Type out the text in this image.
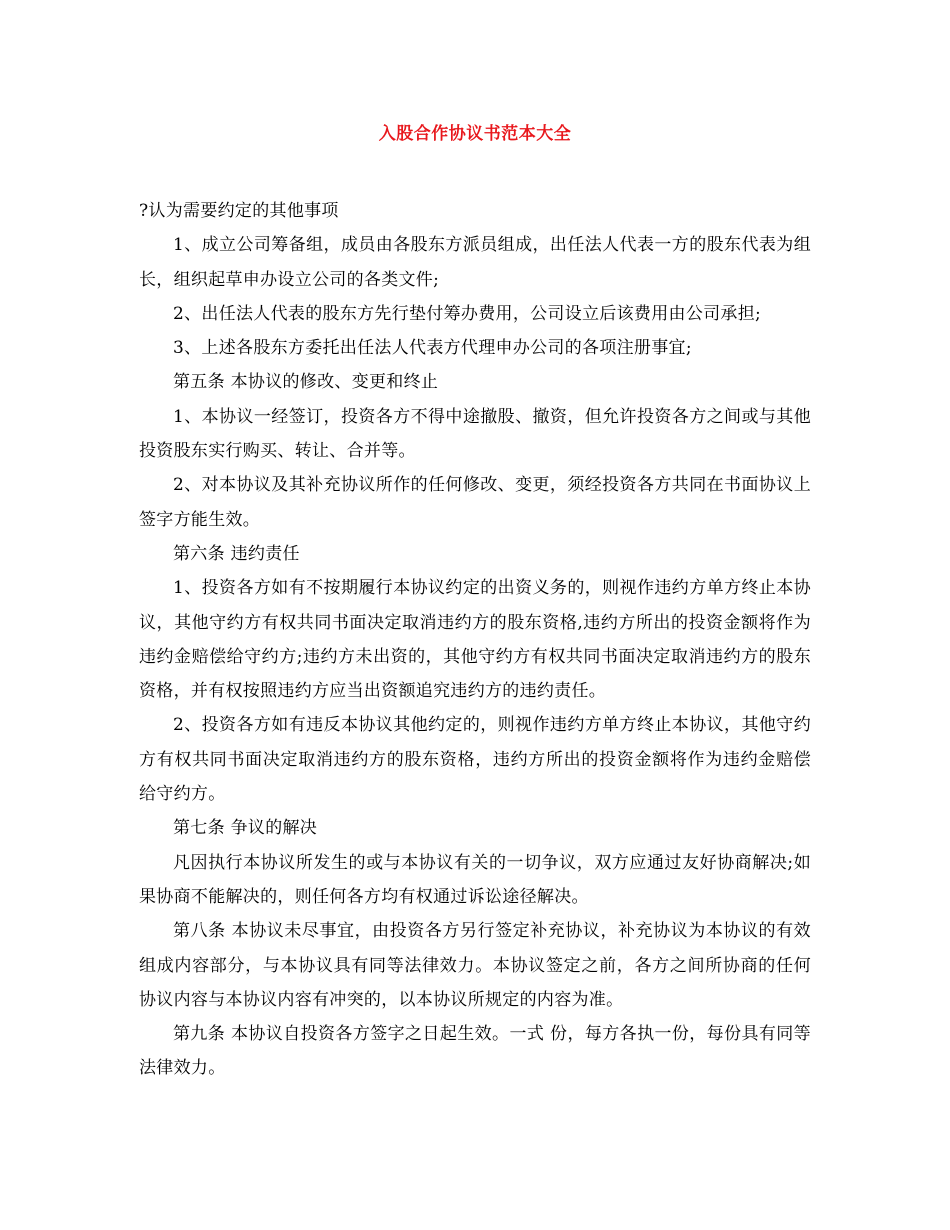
入股合作协议书范本大全

?认为需要约定的其他事项

1、成立公司筹备组，成员由各股东方派员组成，出任法人代表一方的股东代表为组长，组织起草申办设立公司的各类文件;

2、出任法人代表的股东方先行垫付筹办费用，公司设立后该费用由公司承担;

3、上述各股东方委托出任法人代表方代理申办公司的各项注册事宜;

第五条 本协议的修改、变更和终止

1、本协议一经签订，投资各方不得中途撤股、撤资，但允许投资各方之间或与其他投资股东实行购买、转让、合并等。

2、对本协议及其补充协议所作的任何修改、变更，须经投资各方共同在书面协议上签字方能生效。

第六条 违约责任

1、投资各方如有不按期履行本协议约定的出资义务的，则视作违约方单方终止本协议，其他守约方有权共同书面决定取消违约方的股东资格,违约方所出的投资金额将作为违约金赔偿给守约方;违约方未出资的，其他守约方有权共同书面决定取消违约方的股东资格，并有权按照违约方应当出资额追究违约方的违约责任。

2、投资各方如有违反本协议其他约定的，则视作违约方单方终止本协议，其他守约方有权共同书面决定取消违约方的股东资格，违约方所出的投资金额将作为违约金赔偿给守约方。

第七条 争议的解决

凡因执行本协议所发生的或与本协议有关的一切争议，双方应通过友好协商解决;如果协商不能解决的，则任何各方均有权通过诉讼途径解决。

第八条 本协议未尽事宜，由投资各方另行签定补充协议，补充协议为本协议的有效组成内容部分，与本协议具有同等法律效力。本协议签定之前，各方之间所协商的任何协议内容与本协议内容有冲突的，以本协议所规定的内容为准。

第九条 本协议自投资各方签字之日起生效。一式 份，每方各执一份，每份具有同等法律效力。
